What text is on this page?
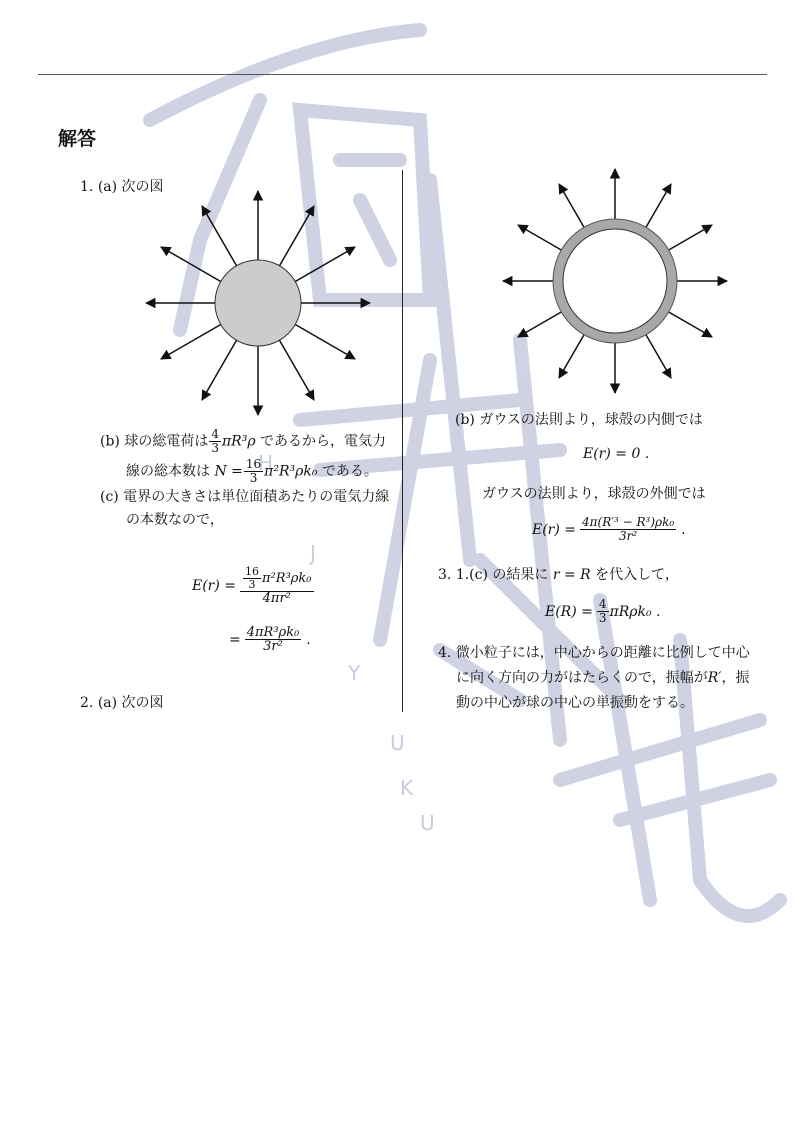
H
J
Y
U
K
U
解答
1. (a) 次の図
(b) 球の総電荷は $\frac{4}{3} \pi R^3\rho$ であるから，電気力
線の総本数は $N = \frac{16}{3} \pi^2R^3\rho k_0$ である。
(c) 電界の大きさは単位面積あたりの電気力線
の本数なので，
$E(r) = \frac{\frac{16}{3} \pi^2R^3\rho k_0}{\text{4πr²}}$
= $\frac{\text{4πR³ρk₀}}{\text{3r²}}$ .
2. (a) 次の図
(b) ガウスの法則より，球殻の内側では
E(r) = 0 .
ガウスの法則より，球殻の外側では
$E(r) = \frac{\text{4π(R′³ − R³)ρk₀}}{\text{3r²}}$ .
3. 1.(c) の結果に r = R を代入して，
$E(R) = \frac{4}{3} \pi R\rho k_0$ .
4. 微小粒子には，中心からの距離に比例して中心
に向く方向の力がはたらくので，振幅がR′，振
動の中心が球の中心の単振動をする。
